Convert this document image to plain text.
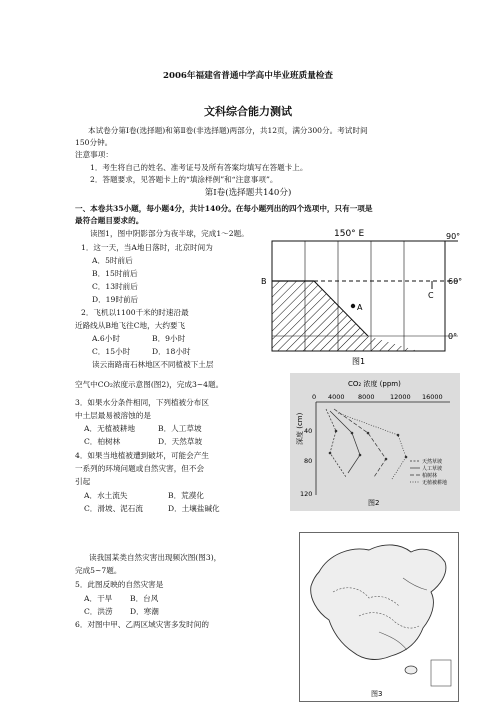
2006年福建省普通中学高中毕业班质量检查
文科综合能力测试
本试卷分第Ⅰ卷(选择题)和第Ⅱ卷(非选择题)两部分，共12页，满分300分。考试时间
150分钟。
注意事项：
1．考生将自己的姓名、准考证号及所有答案均填写在答题卡上。
2．答题要求，见答题卡上的“填涂样例”和“注意事项”。
第Ⅰ卷(选择题共140分)
一、本卷共35小题，每小题4分，共计140分。在每小题列出的四个选项中，只有一项是
最符合题目要求的。
读图1，图中阴影部分为夜半球，完成1～2题。
1．这一天，当A地日落时，北京时间为
A．5时前后
B．15时前后
C．13时前后
D．19时前后
2．飞机以1100千米的时速沿最
近路线从B地飞往C地，大约要飞
A.6小时	B．9小时
C．15小时	D．18小时
读云南路南石林地区不同植被下土层
空气中CO₂浓度示意图(图2)，完成3~4题。
3．如果水分条件相同，下列植被分布区
中土层最易被溶蚀的是
A．无植被耕地	B．人工草坡
C．柏树林	D．天然草坡
4．如果当地植被遭到破坏，可能会产生
一系列的环境问题或自然灾害，但不会
引起
A．水土流失	B．荒漠化
C．滑坡、泥石流	D．土壤盐碱化
读我国某类自然灾害出现频次图(图3)，
完成5~7题。
5．此图反映的自然灾害是
A．干旱 B．台风
C．洪涝 D．寒潮
6．对图中甲、乙两区域灾害多发时间的
150° E	90°
60°
0°
B
A
C
图1
CO₂ 浓度 (ppm)
0 4000 8000 12000 16000
深度 (cm) 40
80
120
天然草坡
人工草坡
柏树林
无植被耕地
图2
图3
